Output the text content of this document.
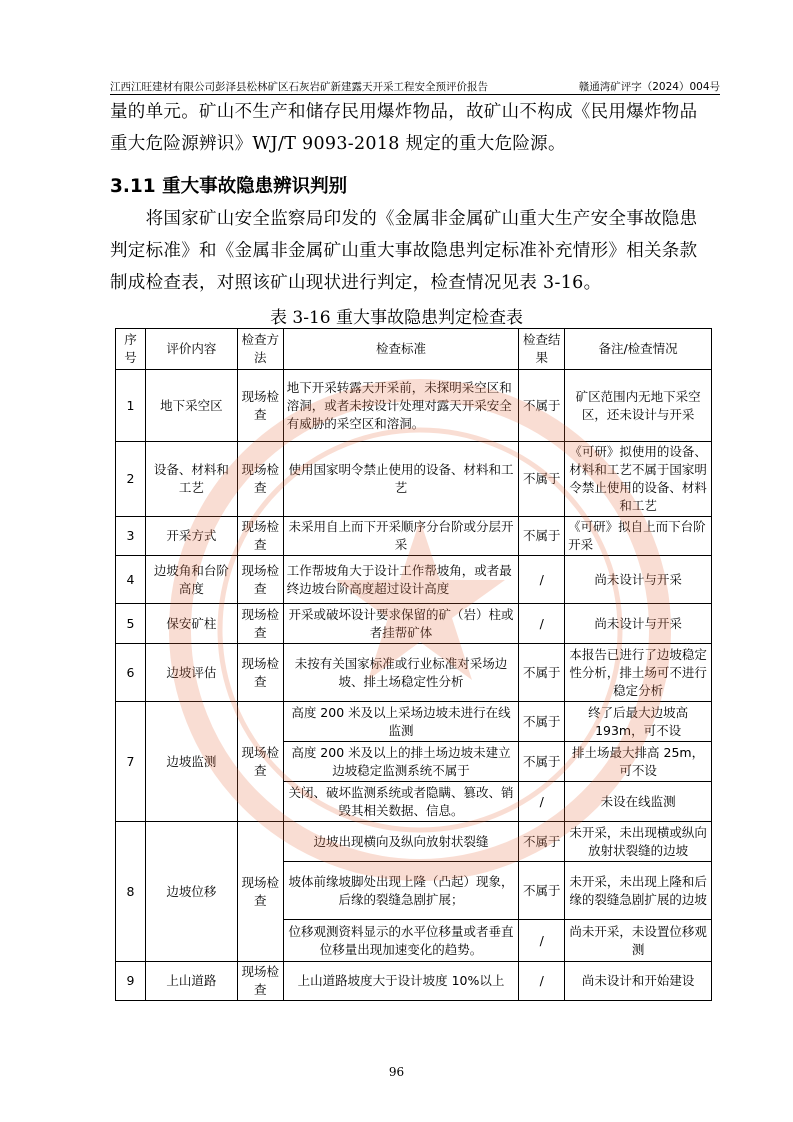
江西江旺建材有限公司彭泽县松林矿区石灰岩矿新建露天开采工程安全预评价报告	赣通湾矿评字（2024）004号
量的单元。矿山不生产和储存民用爆炸物品，故矿山不构成《民用爆炸物品
重大危险源辨识》WJ/T 9093-2018 规定的重大危险源。
3.11 重大事故隐患辨识判别
　　将国家矿山安全监察局印发的《金属非金属矿山重大生产安全事故隐患
判定标准》和《金属非金属矿山重大事故隐患判定标准补充情形》相关条款
制成检查表，对照该矿山现状进行判定，检查情况见表 3-16。
表 3-16 重大事故隐患判定检查表
序号	评价内容	检查方法	检查标准	检查结果	备注/检查情况
1	地下采空区	现场检查	地下开采转露天开采前，未探明采空区和溶洞，或者未按设计处理对露天开采安全有威胁的采空区和溶洞。	不属于	矿区范围内无地下采空区，还未设计与开采
2	设备、材料和工艺	现场检查	使用国家明令禁止使用的设备、材料和工艺	不属于	《可研》拟使用的设备、材料和工艺不属于国家明令禁止使用的设备、材料和工艺
3	开采方式	现场检查	未采用自上而下开采顺序分台阶或分层开采	不属于	《可研》拟自上而下台阶开采
4	边坡角和台阶高度	现场检查	工作帮坡角大于设计工作帮坡角，或者最终边坡台阶高度超过设计高度	/	尚未设计与开采
5	保安矿柱	现场检查	开采或破坏设计要求保留的矿（岩）柱或者挂帮矿体	/	尚未设计与开采
6	边坡评估	现场检查	未按有关国家标准或行业标准对采场边坡、排土场稳定性分析	不属于	本报告已进行了边坡稳定性分析，排土场可不进行稳定分析
7	边坡监测	现场检查	高度 200 米及以上采场边坡未进行在线监测	不属于	终了后最大边坡高193m，可不设
			高度 200 米及以上的排土场边坡未建立边坡稳定监测系统不属于	不属于	排土场最大排高 25m，可不设
			关闭、破坏监测系统或者隐瞒、篡改、销毁其相关数据、信息。	/	未设在线监测
8	边坡位移	现场检查	边坡出现横向及纵向放射状裂缝	不属于	未开采，未出现横或纵向放射状裂缝的边坡
			坡体前缘坡脚处出现上隆（凸起）现象，后缘的裂缝急剧扩展；	不属于	未开采，未出现上隆和后缘的裂缝急剧扩展的边坡
			位移观测资料显示的水平位移量或者垂直位移量出现加速变化的趋势。	/	尚未开采，未设置位移观测
9	上山道路	现场检查	上山道路坡度大于设计坡度 10%以上	/	尚未设计和开始建设
96
